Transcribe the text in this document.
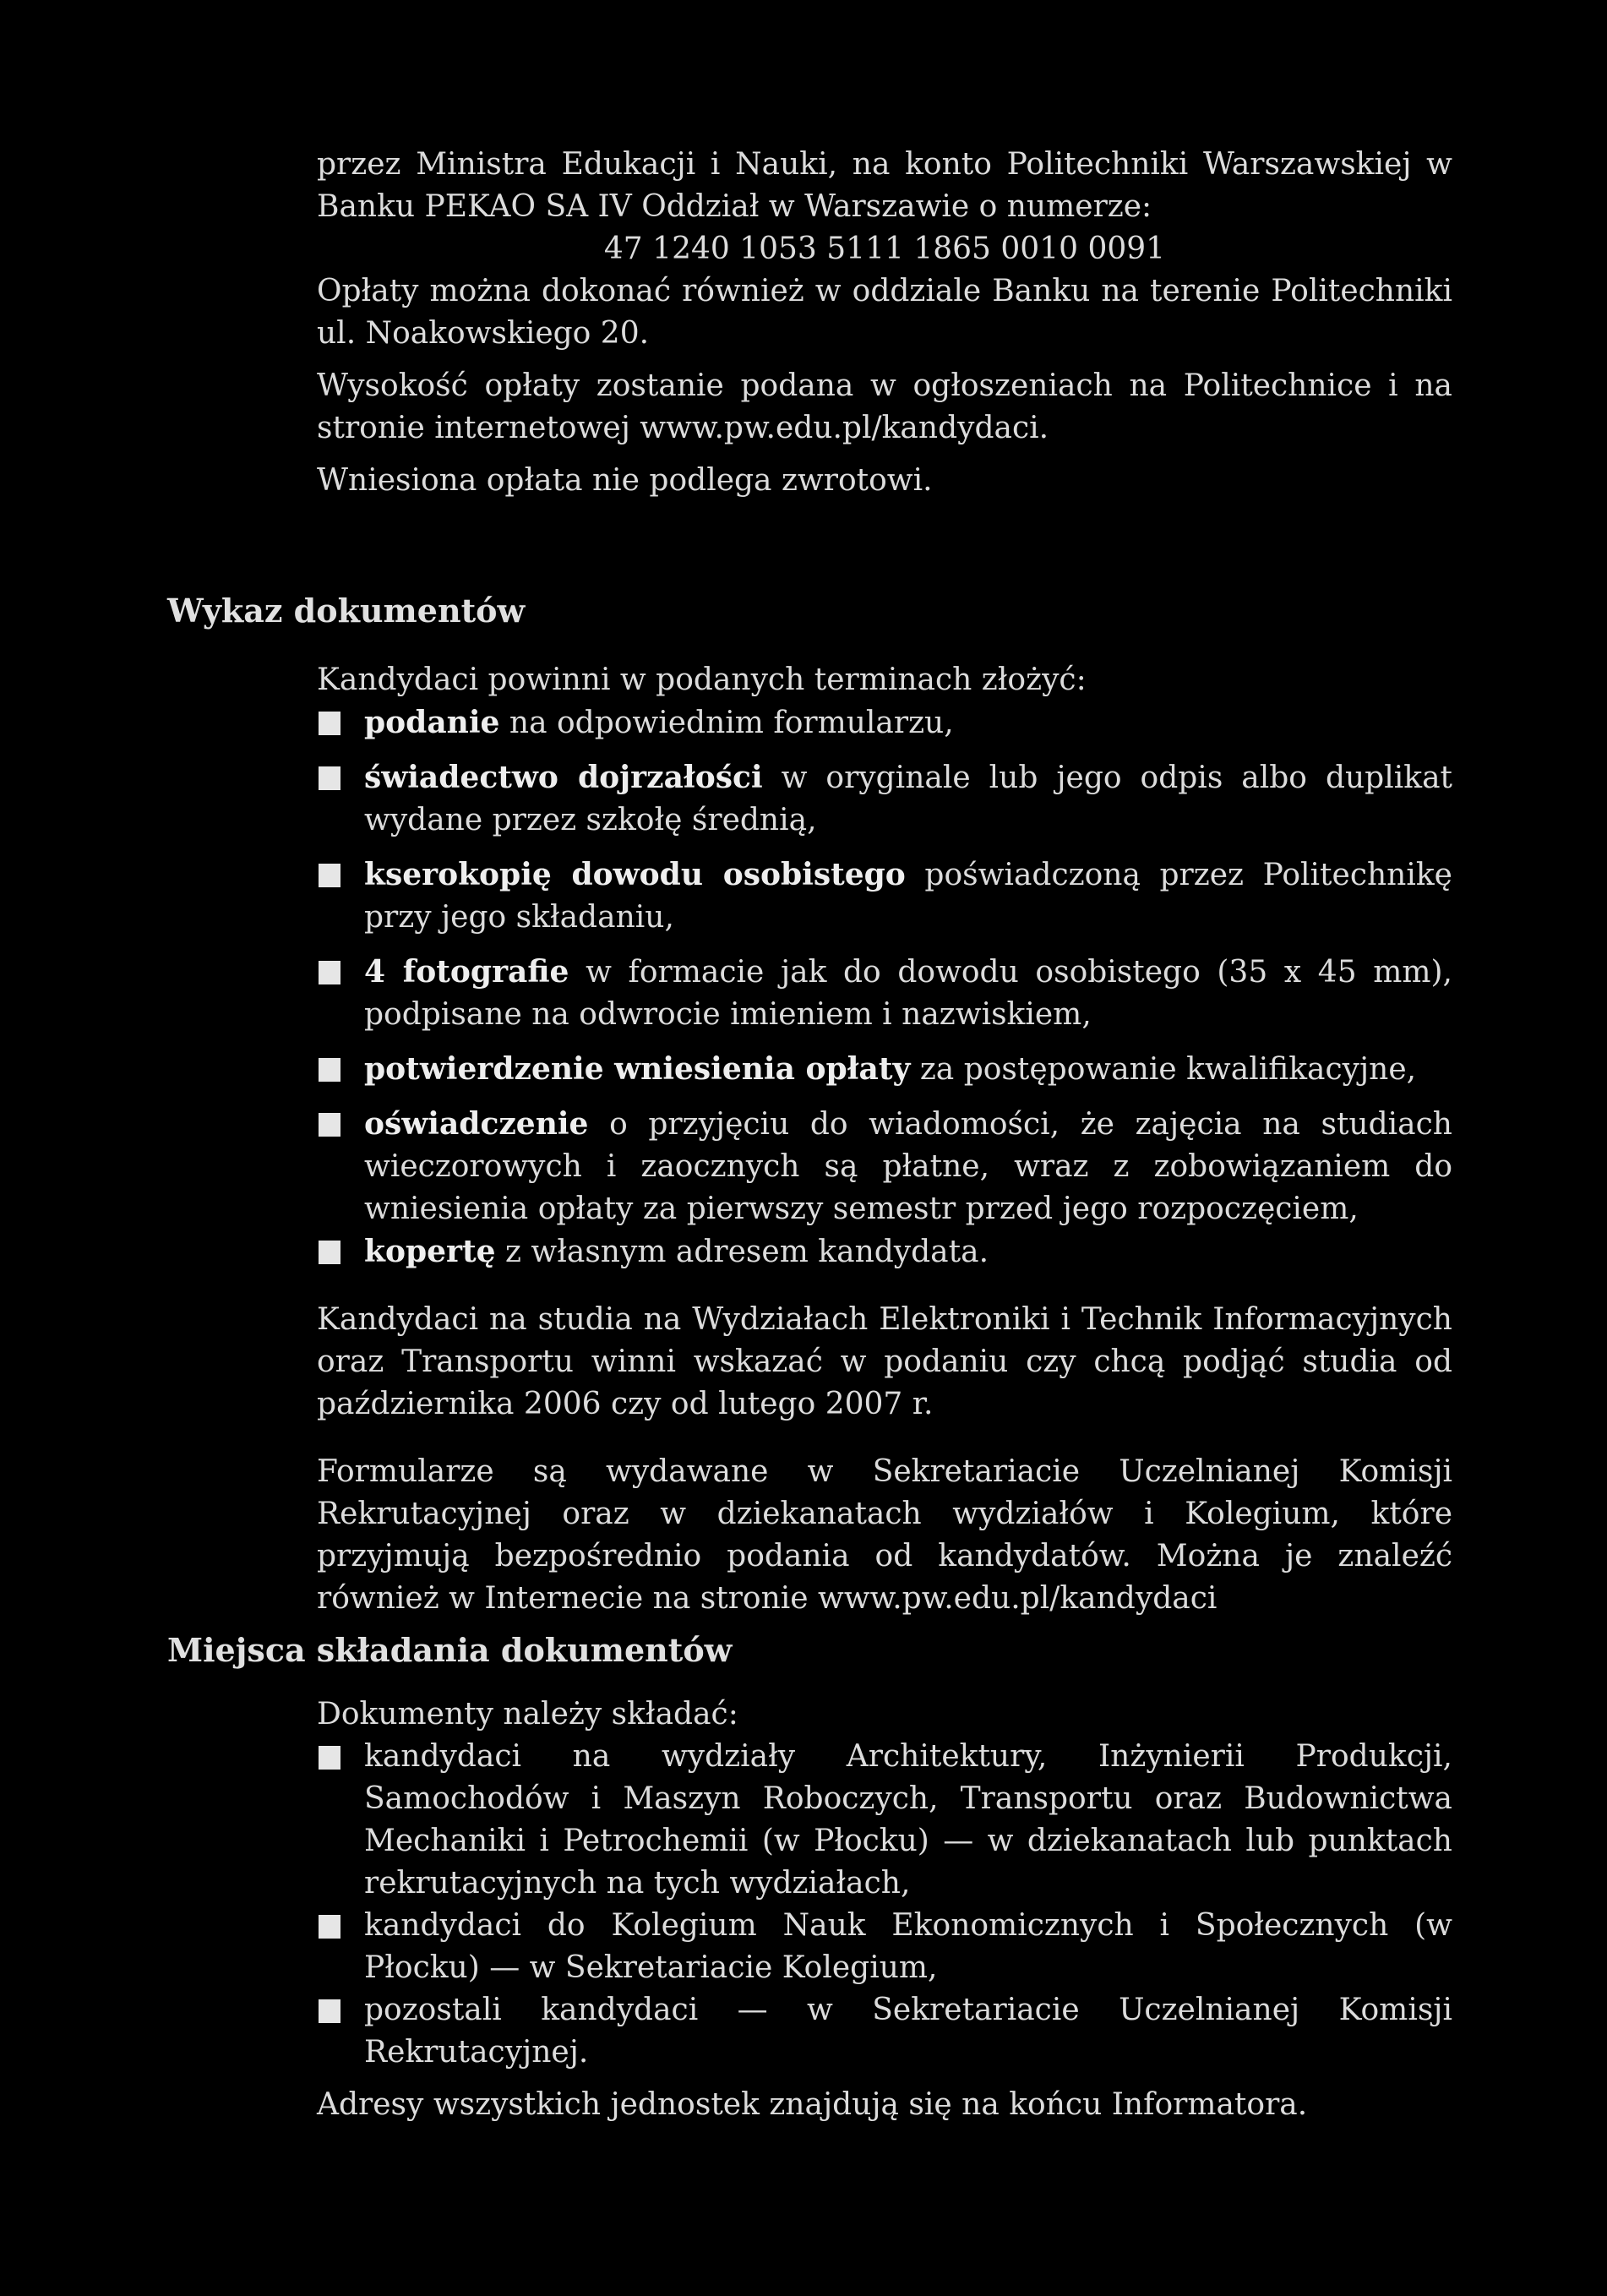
przez Ministra Edukacji i Nauki, na konto Politechniki Warszawskiej w Banku PEKAO SA IV Oddział w Warszawie o numerze:

47 1240 1053 5111 1865 0010 0091

Opłaty można dokonać również w oddziale Banku na terenie Politechniki ul. Noakowskiego 20.

Wysokość opłaty zostanie podana w ogłoszeniach na Politechnice i na stronie internetowej www.pw.edu.pl/kandydaci.

Wniesiona opłata nie podlega zwrotowi.

Wykaz dokumentów

Kandydaci powinni w podanych terminach złożyć:

podanie na odpowiednim formularzu,
świadectwo dojrzałości w oryginale lub jego odpis albo duplikat wydane przez szkołę średnią,
kserokopię dowodu osobistego poświadczoną przez Politechnikę przy jego składaniu,
4 fotografie w formacie jak do dowodu osobistego (35 x 45 mm), podpisane na odwrocie imieniem i nazwiskiem,
potwierdzenie wniesienia opłaty za postępowanie kwalifikacyjne,
oświadczenie o przyjęciu do wiadomości, że zajęcia na studiach wieczorowych i zaocznych są płatne, wraz z zobowiązaniem do wniesienia opłaty za pierwszy semestr przed jego rozpoczęciem,
kopertę z własnym adresem kandydata.

Kandydaci na studia na Wydziałach Elektroniki i Technik Informacyjnych oraz Transportu winni wskazać w podaniu czy chcą podjąć studia od października 2006 czy od lutego 2007 r.

Formularze są wydawane w Sekretariacie Uczelnianej Komisji Rekrutacyjnej oraz w dziekanatach wydziałów i Kolegium, które przyjmują bezpośrednio podania od kandydatów. Można je znaleźć również w Internecie na stronie www.pw.edu.pl/kandydaci

Miejsca składania dokumentów

Dokumenty należy składać:

kandydaci na wydziały Architektury, Inżynierii Produkcji, Samochodów i Maszyn Roboczych, Transportu oraz Budownictwa Mechaniki i Petrochemii (w Płocku) — w dziekanatach lub punktach rekrutacyjnych na tych wydziałach,
kandydaci do Kolegium Nauk Ekonomicznych i Społecznych (w Płocku) — w Sekretariacie Kolegium,
pozostali kandydaci — w Sekretariacie Uczelnianej Komisji Rekrutacyjnej.

Adresy wszystkich jednostek znajdują się na końcu Informatora.
